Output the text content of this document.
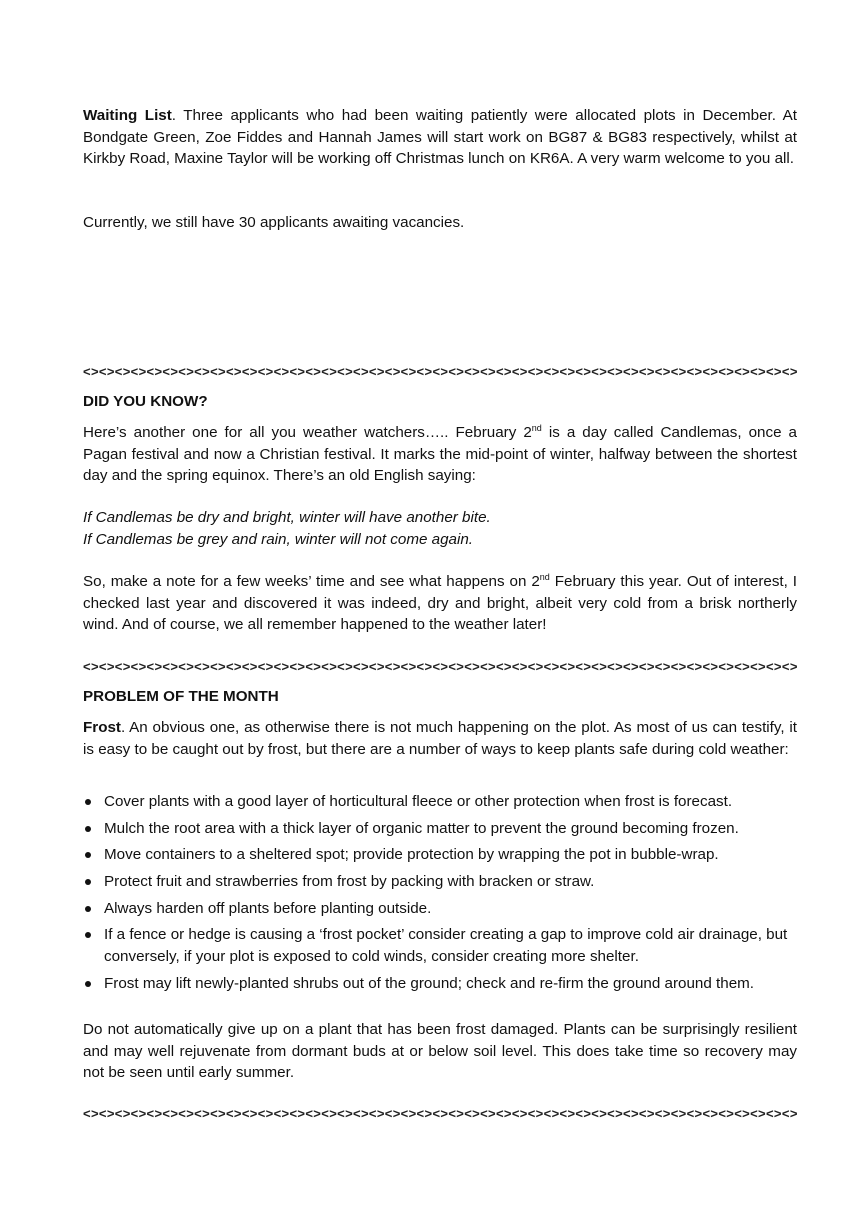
Waiting List. Three applicants who had been waiting patiently were allocated plots in December. At Bondgate Green, Zoe Fiddes and Hannah James will start work on BG87 & BG83 respectively, whilst at Kirkby Road, Maxine Taylor will be working off Christmas lunch on KR6A. A very warm welcome to you all.

Currently, we still have 30 applicants awaiting vacancies.

<><><><><><><><><><><><><><><><><><><><><><><><><><><><><><><><><><><><><><><><><><><><><>

DID YOU KNOW?

Here’s another one for all you weather watchers….. February 2nd is a day called Candlemas, once a Pagan festival and now a Christian festival. It marks the mid-point of winter, halfway between the shortest day and the spring equinox. There’s an old English saying:

If Candlemas be dry and bright, winter will have another bite.

If Candlemas be grey and rain, winter will not come again.

So, make a note for a few weeks’ time and see what happens on 2nd February this year. Out of interest, I checked last year and discovered it was indeed, dry and bright, albeit very cold from a brisk northerly wind. And of course, we all remember happened to the weather later!

<><><><><><><><><><><><><><><><><><><><><><><><><><><><><><><><><><><><><><><><><><><><><>

PROBLEM OF THE MONTH

Frost. An obvious one, as otherwise there is not much happening on the plot. As most of us can testify, it is easy to be caught out by frost, but there are a number of ways to keep plants safe during cold weather:

Cover plants with a good layer of horticultural fleece or other protection when frost is forecast.
Mulch the root area with a thick layer of organic matter to prevent the ground becoming frozen.
Move containers to a sheltered spot; provide protection by wrapping the pot in bubble-wrap.
Protect fruit and strawberries from frost by packing with bracken or straw.
Always harden off plants before planting outside.
If a fence or hedge is causing a ‘frost pocket’ consider creating a gap to improve cold air drainage, but conversely, if your plot is exposed to cold winds, consider creating more shelter.
Frost may lift newly-planted shrubs out of the ground; check and re-firm the ground around them.

Do not automatically give up on a plant that has been frost damaged. Plants can be surprisingly resilient and may well rejuvenate from dormant buds at or below soil level. This does take time so recovery may not be seen until early summer.

<><><><><><><><><><><><><><><><><><><><><><><><><><><><><><><><><><><><><><><><><><><><><>
